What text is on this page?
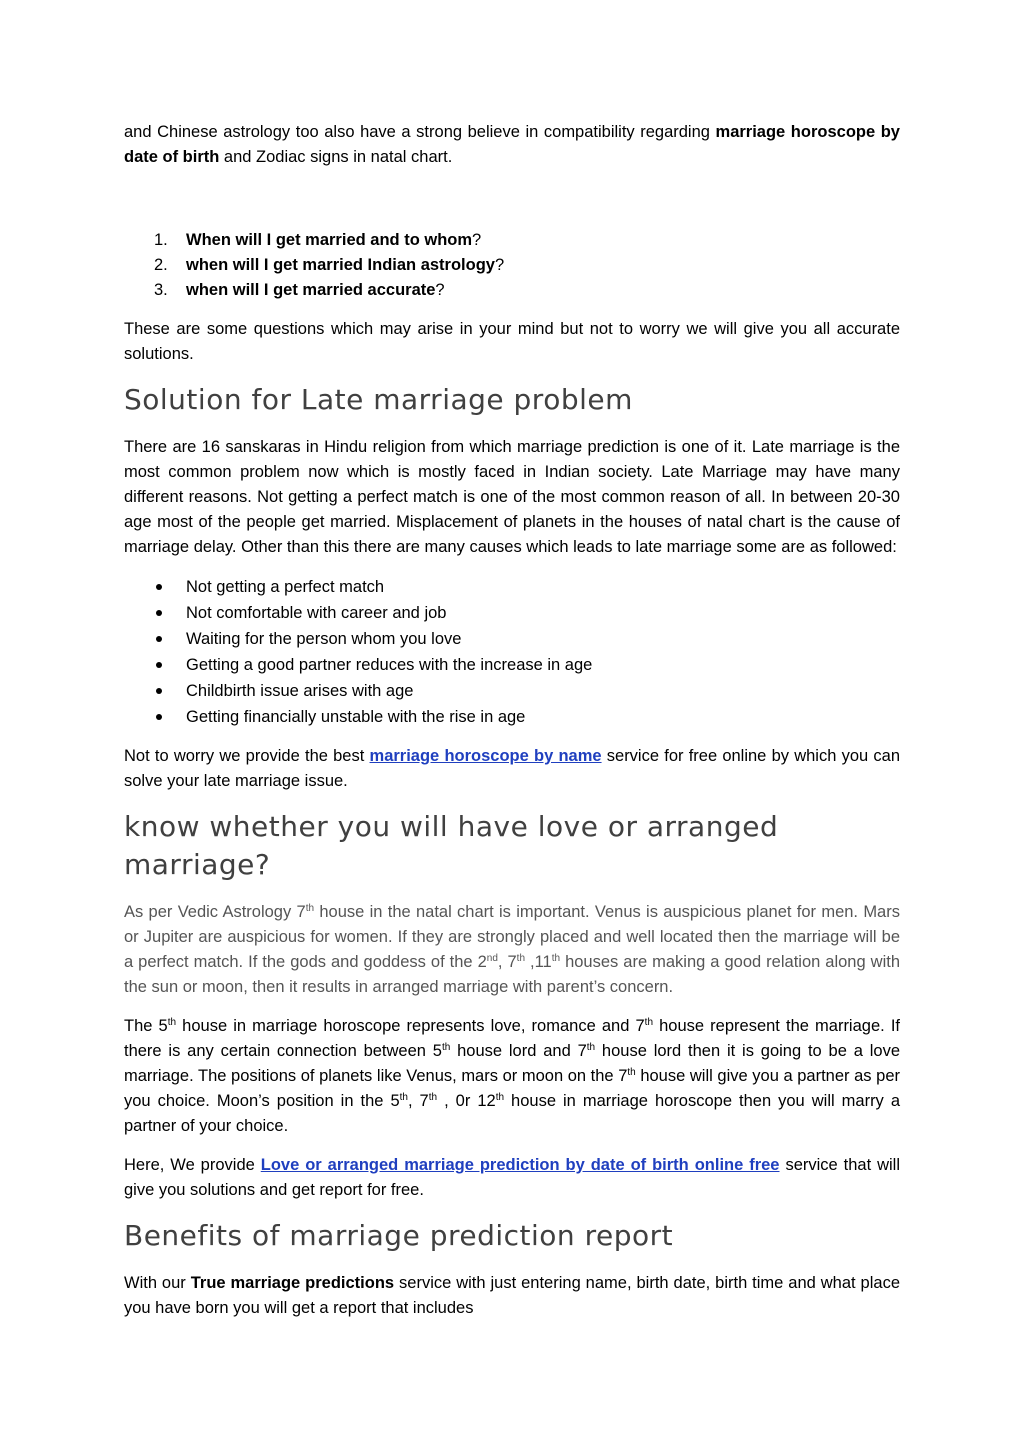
and Chinese astrology too also have a strong believe in compatibility regarding marriage horoscope by date of birth and Zodiac signs in natal chart.

1. When will I get married and to whom?
2. when will I get married Indian astrology?
3. when will I get married accurate?

These are some questions which may arise in your mind but not to worry we will give you all accurate solutions.

Solution for Late marriage problem

There are 16 sanskaras in Hindu religion from which marriage prediction is one of it. Late marriage is the most common problem now which is mostly faced in Indian society. Late Marriage may have many different reasons. Not getting a perfect match is one of the most common reason of all. In between 20-30 age most of the people get married. Misplacement of planets in the houses of natal chart is the cause of marriage delay. Other than this there are many causes which leads to late marriage some are as followed:

Not getting a perfect match
Not comfortable with career and job
Waiting for the person whom you love
Getting a good partner reduces with the increase in age
Childbirth issue arises with age
Getting financially unstable with the rise in age

Not to worry we provide the best marriage horoscope by name service for free online by which you can solve your late marriage issue.

know whether you will have love or arranged marriage?

As per Vedic Astrology 7th house in the natal chart is important. Venus is auspicious planet for men. Mars or Jupiter are auspicious for women. If they are strongly placed and well located then the marriage will be a perfect match. If the gods and goddess of the 2nd, 7th ,11th houses are making a good relation along with the sun or moon, then it results in arranged marriage with parent’s concern.

The 5th house in marriage horoscope represents love, romance and 7th house represent the marriage. If there is any certain connection between 5th house lord and 7th house lord then it is going to be a love marriage. The positions of planets like Venus, mars or moon on the 7th house will give you a partner as per you choice. Moon’s position in the 5th, 7th , 0r 12th house in marriage horoscope then you will marry a partner of your choice.

Here, We provide Love or arranged marriage prediction by date of birth online free service that will give you solutions and get report for free.

Benefits of marriage prediction report

With our True marriage predictions service with just entering name, birth date, birth time and what place you have born you will get a report that includes
